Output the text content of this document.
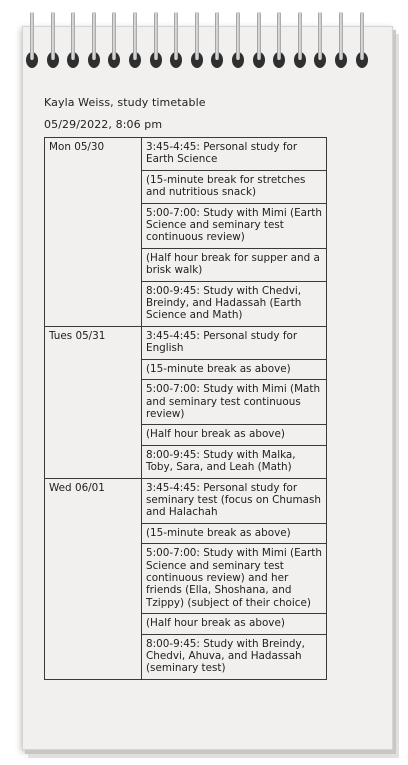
Kayla Weiss, study timetable
05/29/2022, 8:06 pm
Mon 05/30	3:45-4:45: Personal study for Earth Science
(15-minute break for stretches and nutritious snack)
5:00-7:00: Study with Mimi (Earth Science and seminary test continuous review)
(Half hour break for supper and a brisk walk)
8:00-9:45: Study with Chedvi, Breindy, and Hadassah (Earth Science and Math)

Tues 05/31	3:45-4:45: Personal study for English
(15-minute break as above)
5:00-7:00: Study with Mimi (Math and seminary test continuous review)
(Half hour break as above)
8:00-9:45: Study with Malka, Toby, Sara, and Leah (Math)

Wed 06/01	3:45-4:45: Personal study for seminary test (focus on Chumash and Halachah
(15-minute break as above)
5:00-7:00: Study with Mimi (Earth Science and seminary test continuous review) and her friends (Ella, Shoshana, and Tzippy) (subject of their choice)
(Half hour break as above)
8:00-9:45: Study with Breindy, Chedvi, Ahuva, and Hadassah (seminary test)
